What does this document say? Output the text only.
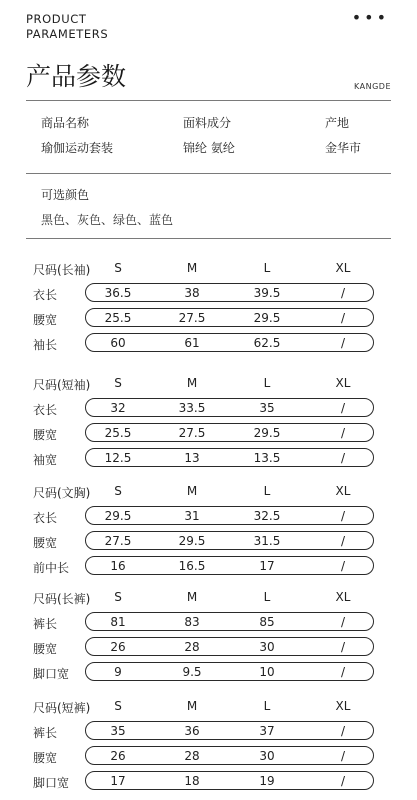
PRODUCT
PARAMETERS
•••
产品参数	KANGDE
商品名称	面料成分	产地
瑜伽运动套装	锦纶 氨纶	金华市
可选颜色
黑色、灰色、绿色、蓝色
尺码(长袖)	S	M	L	XL
衣长	36.5	38	39.5	/
腰宽	25.5	27.5	29.5	/
袖长	60	61	62.5	/
尺码(短袖)	S	M	L	XL
衣长	32	33.5	35	/
腰宽	25.5	27.5	29.5	/
袖宽	12.5	13	13.5	/
尺码(文胸)	S	M	L	XL
衣长	29.5	31	32.5	/
腰宽	27.5	29.5	31.5	/
前中长	16	16.5	17	/
尺码(长裤)	S	M	L	XL
裤长	81	83	85	/
腰宽	26	28	30	/
脚口宽	9	9.5	10	/
尺码(短裤)	S	M	L	XL
裤长	35	36	37	/
腰宽	26	28	30	/
脚口宽	17	18	19	/
